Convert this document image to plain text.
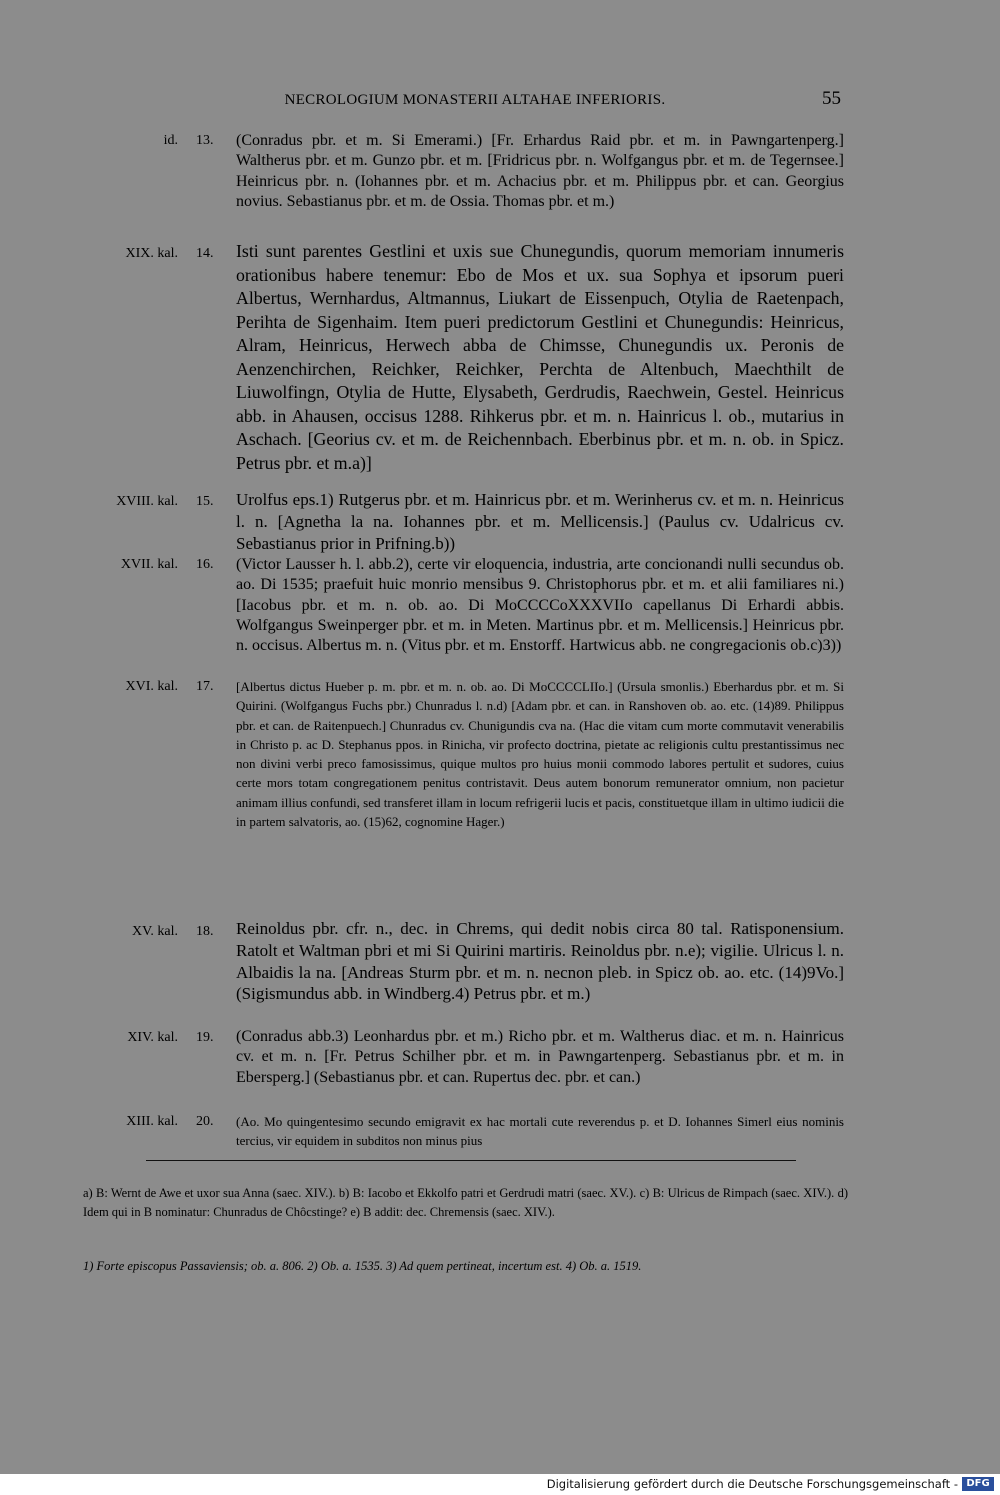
NECROLOGIUM MONASTERII ALTAHAE INFERIORIS.	55
id. 13.	(Conradus pbr. et m. Si Emerami.) [Fr. Erhardus Raid pbr. et m. in Pawngartenperg.] Waltherus pbr. et m. Gunzo pbr. et m. [Fridricus pbr. n. Wolfgangus pbr. et m. de Tegernsee.] Heinricus pbr. n. (Iohannes pbr. et m. Achacius pbr. et m. Philippus pbr. et can. Georgius novius. Sebastianus pbr. et m. de Ossia. Thomas pbr. et m.)
XIX. kal. 14.	Isti sunt parentes Gestlini et uxis sue Chunegundis, quorum memoriam innumeris orationibus habere tenemur: Ebo de Mos et ux. sua Sophya et ipsorum pueri Albertus, Wernhardus, Altmannus, Liukart de Eissenpuch, Otylia de Raetenpach, Perihta de Sigenhaim. Item pueri predictorum Gestlini et Chunegundis: Heinricus, Alram, Heinricus, Herwech abba de Chimsse, Chunegundis ux. Peronis de Aenzenchirchen, Reichker, Reichker, Perchta de Altenbuch, Maechthilt de Liuwolfingn, Otylia de Hutte, Elysabeth, Gerdrudis, Raechwein, Gestel. Heinricus abb. in Ahausen, occisus 1288. Rihkerus pbr. et m. n. Hainricus l. ob., mutarius in Aschach. [Georius cv. et m. de Reichennbach. Eberbinus pbr. et m. n. ob. in Spicz. Petrus pbr. et m.a)]
XVIII. kal. 15.	Urolfus eps.1) Rutgerus pbr. et m. Hainricus pbr. et m. Werinherus cv. et m. n. Heinricus l. n. [Agnetha la na. Iohannes pbr. et m. Mellicensis.] (Paulus cv. Udalricus cv. Sebastianus prior in Prifning.b))
XVII. kal. 16.	(Victor Lausser h. l. abb.2), certe vir eloquencia, industria, arte concionandi nulli secundus ob. ao. Di 1535; praefuit huic monrio mensibus 9. Christophorus pbr. et m. et alii familiares ni.) [Iacobus pbr. et m. n. ob. ao. Di MoCCCCoXXXVIIo capellanus Di Erhardi abbis. Wolfgangus Sweinperger pbr. et m. in Meten. Martinus pbr. et m. Mellicensis.] Heinricus pbr. n. occisus. Albertus m. n. (Vitus pbr. et m. Enstorff. Hartwicus abb. ne congregacionis ob.c)3))
XVI. kal. 17.	[Albertus dictus Hueber p. m. pbr. et m. n. ob. ao. Di MoCCCCLIIo.] (Ursula smonlis.) Eberhardus pbr. et m. Si Quirini. (Wolfgangus Fuchs pbr.) Chunradus l. n.d) [Adam pbr. et can. in Ranshoven ob. ao. etc. (14)89. Philippus pbr. et can. de Raitenpuech.] Chunradus cv. Chunigundis cva na. (Hac die vitam cum morte commutavit venerabilis in Christo p. ac D. Stephanus ppos. in Rinicha, vir profecto doctrina, pietate ac religionis cultu prestantissimus nec non divini verbi preco famosissimus, quique multos pro huius monii commodo labores pertulit et sudores, cuius certe mors totam congregationem penitus contristavit. Deus autem bonorum remunerator omnium, non pacietur animam illius confundi, sed transferet illam in locum refrigerii lucis et pacis, constituetque illam in ultimo iudicii die in partem salvatoris, ao. (15)62, cognomine Hager.)
XV. kal. 18.	Reinoldus pbr. cfr. n., dec. in Chrems, qui dedit nobis circa 80 tal. Ratisponensium. Ratolt et Waltman pbri et mi Si Quirini martiris. Reinoldus pbr. n.e); vigilie. Ulricus l. n. Albaidis la na. [Andreas Sturm pbr. et m. n. necnon pleb. in Spicz ob. ao. etc. (14)9Vo.] (Sigismundus abb. in Windberg.4) Petrus pbr. et m.)
XIV. kal. 19.	(Conradus abb.3) Leonhardus pbr. et m.) Richo pbr. et m. Waltherus diac. et m. n. Hainricus cv. et m. n. [Fr. Petrus Schilher pbr. et m. in Pawngartenperg. Sebastianus pbr. et m. in Ebersperg.] (Sebastianus pbr. et can. Rupertus dec. pbr. et can.)
XIII. kal. 20.	(Ao. Mo quingentesimo secundo emigravit ex hac mortali cute reverendus p. et D. Iohannes Simerl eius nominis tercius, vir equidem in subditos non minus pius
a) B: Wernt de Awe et uxor sua Anna (saec. XIV.). b) B: Iacobo et Ekkolfo patri et Gerdrudi matri (saec. XV.). c) B: Ulricus de Rimpach (saec. XIV.). d) Idem qui in B nominatur: Chunradus de Chôcstinge? e) B addit: dec. Chremensis (saec. XIV.).
1) Forte episcopus Passaviensis; ob. a. 806. 2) Ob. a. 1535. 3) Ad quem pertineat, incertum est. 4) Ob. a. 1519.
Digitalisierung gefördert durch die Deutsche Forschungsgemeinschaft - DFG
